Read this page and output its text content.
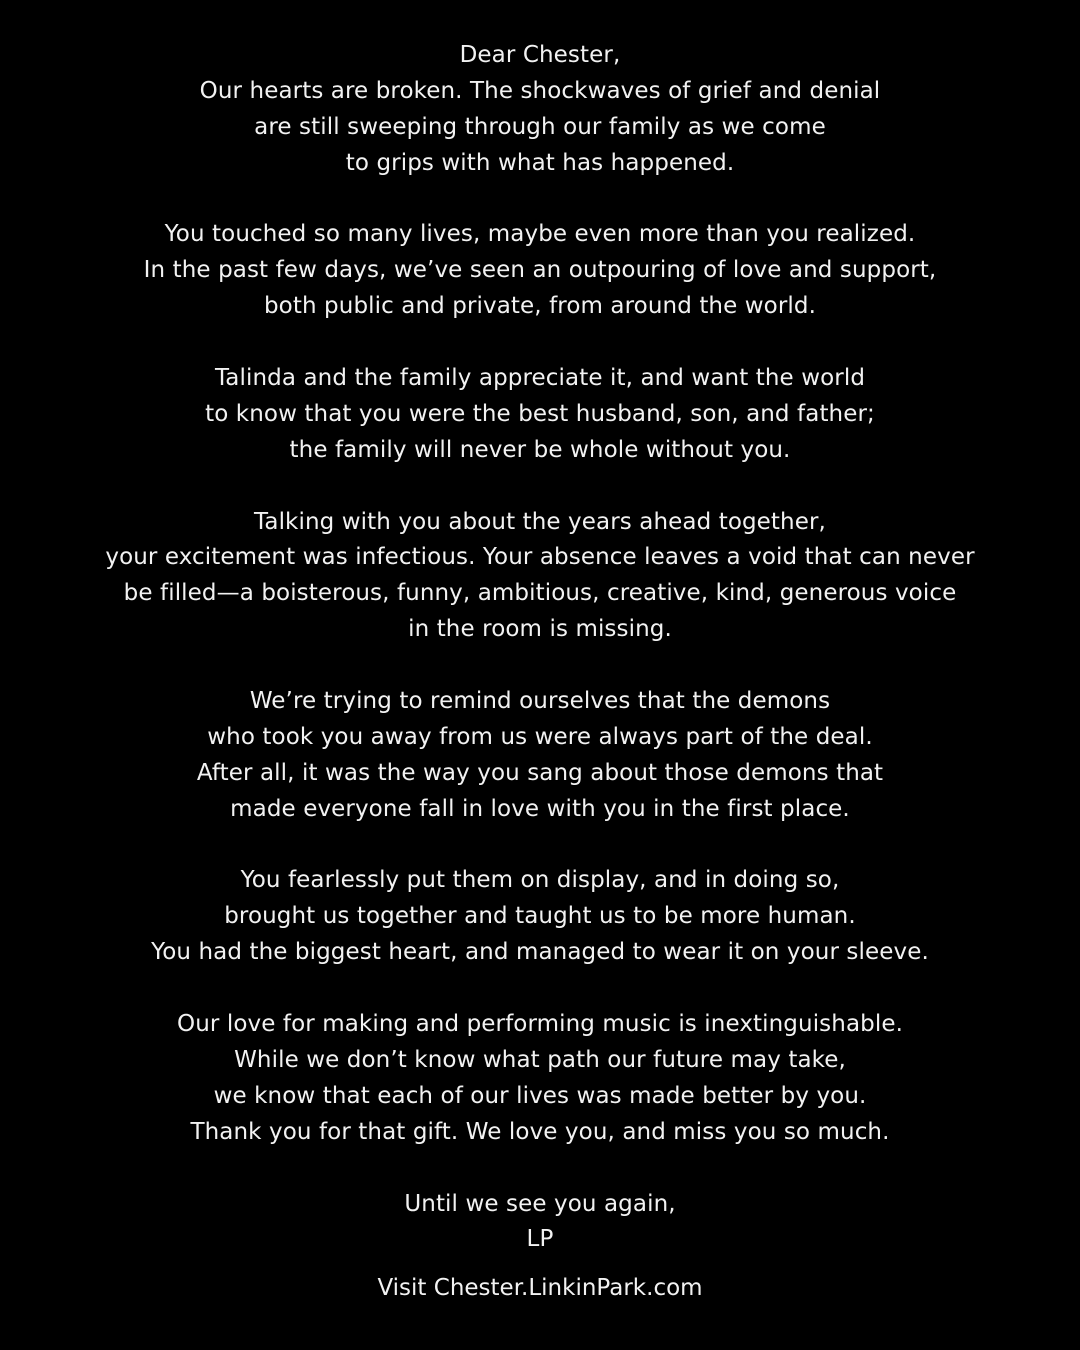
Dear Chester,
Our hearts are broken. The shockwaves of grief and denial
are still sweeping through our family as we come
to grips with what has happened.
You touched so many lives, maybe even more than you realized.
In the past few days, we’ve seen an outpouring of love and support,
both public and private, from around the world.
Talinda and the family appreciate it, and want the world
to know that you were the best husband, son, and father;
the family will never be whole without you.
Talking with you about the years ahead together,
your excitement was infectious. Your absence leaves a void that can never
be filled—a boisterous, funny, ambitious, creative, kind, generous voice
in the room is missing.
We’re trying to remind ourselves that the demons
who took you away from us were always part of the deal.
After all, it was the way you sang about those demons that
made everyone fall in love with you in the first place.
You fearlessly put them on display, and in doing so,
brought us together and taught us to be more human.
You had the biggest heart, and managed to wear it on your sleeve.
Our love for making and performing music is inextinguishable.
While we don’t know what path our future may take,
we know that each of our lives was made better by you.
Thank you for that gift. We love you, and miss you so much.
Until we see you again,
LP
Visit Chester.LinkinPark.com
